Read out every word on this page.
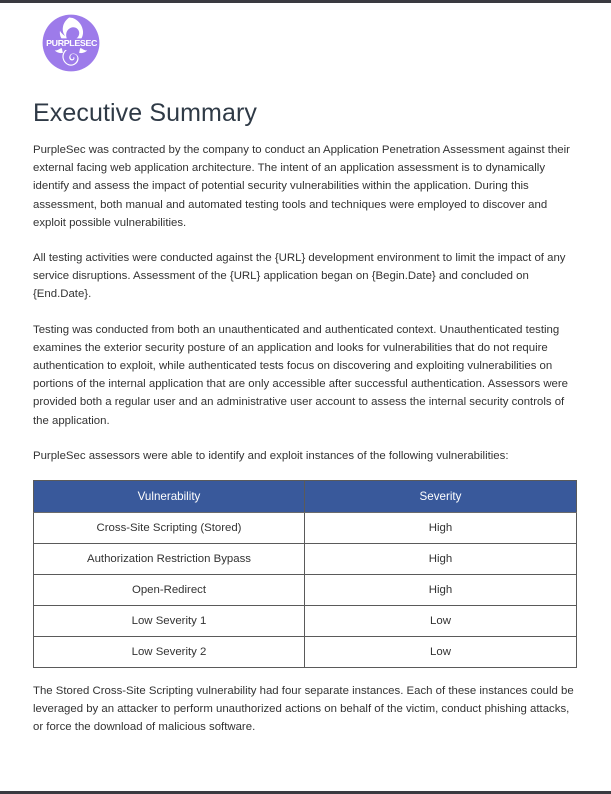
PURPLESEC
Executive Summary

PurpleSec was contracted by the company to conduct an Application Penetration Assessment against their external facing web application architecture. The intent of an application assessment is to dynamically identify and assess the impact of potential security vulnerabilities within the application. During this assessment, both manual and automated testing tools and techniques were employed to discover and exploit possible vulnerabilities.

All testing activities were conducted against the {URL} development environment to limit the impact of any service disruptions. Assessment of the {URL} application began on {Begin.Date} and concluded on {End.Date}.

Testing was conducted from both an unauthenticated and authenticated context. Unauthenticated testing examines the exterior security posture of an application and looks for vulnerabilities that do not require authentication to exploit, while authenticated tests focus on discovering and exploiting vulnerabilities on portions of the internal application that are only accessible after successful authentication. Assessors were provided both a regular user and an administrative user account to assess the internal security controls of the application.

PurpleSec assessors were able to identify and exploit instances of the following vulnerabilities:

Vulnerability	Severity
Cross-Site Scripting (Stored)	High
Authorization Restriction Bypass	High
Open-Redirect	High
Low Severity 1	Low
Low Severity 2	Low

The Stored Cross-Site Scripting vulnerability had four separate instances. Each of these instances could be leveraged by an attacker to perform unauthorized actions on behalf of the victim, conduct phishing attacks, or force the download of malicious software.
